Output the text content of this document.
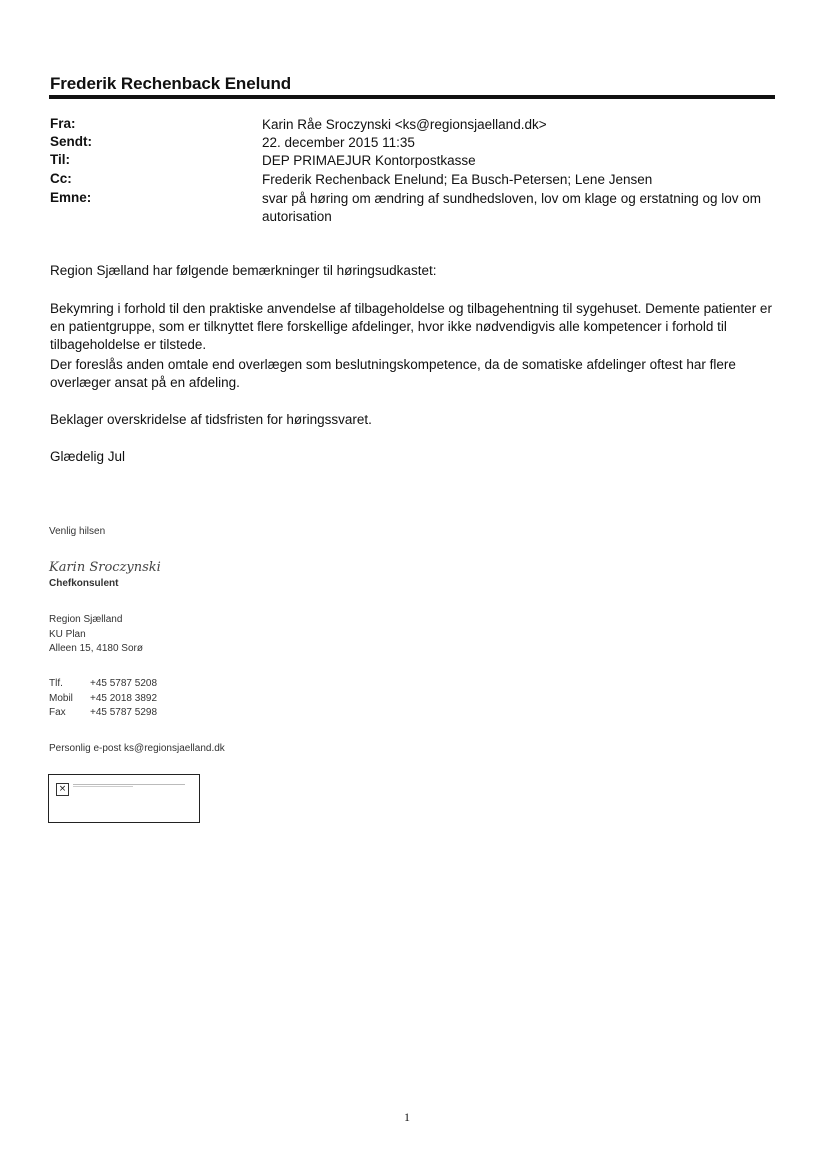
Frederik Rechenback Enelund
Fra:	Karin Råe Sroczynski <ks@regionsjaelland.dk>
Sendt:	22. december 2015 11:35
Til:	DEP PRIMAEJUR Kontorpostkasse
Cc:	Frederik Rechenback Enelund; Ea Busch-Petersen; Lene Jensen
Emne:	svar på høring om ændring af sundhedsloven, lov om klage og erstatning og lov om autorisation
Region Sjælland har følgende bemærkninger til høringsudkastet:
Bekymring i forhold til den praktiske anvendelse af tilbageholdelse og tilbagehentning til sygehuset. Demente patienter er en patientgruppe, som er tilknyttet flere forskellige afdelinger, hvor ikke nødvendigvis alle kompetencer i forhold til tilbageholdelse er tilstede.
Der foreslås anden omtale end overlægen som beslutningskompetence, da de somatiske afdelinger oftest har flere overlæger ansat på en afdeling.
Beklager overskridelse af tidsfristen for høringssvaret.
Glædelig Jul
Venlig hilsen
Karin Sroczynski
Chefkonsulent
Region Sjælland
KU Plan
Alleen 15, 4180 Sorø
Tlf.	+45 5787 5208
Mobil	+45 2018 3892
Fax	+45 5787 5298
Personlig e-post ks@regionsjaelland.dk
×
1
